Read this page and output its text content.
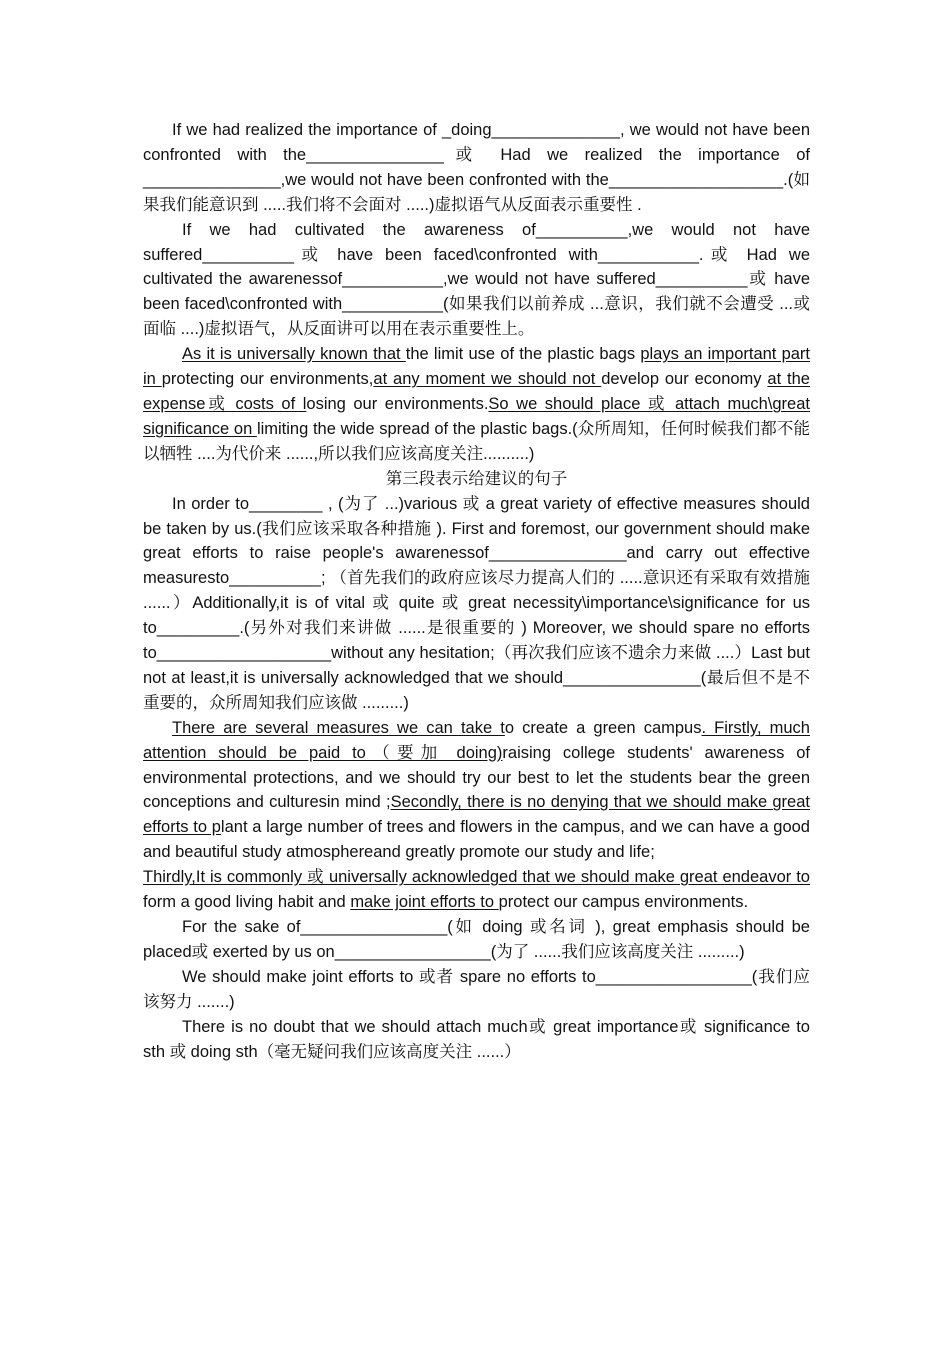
If we had realized the importance of _doing______________, we would not have been confronted with the_______________或 Had we realized the importance of _______________,we would not have been confronted with the___________________.(如果我们能意识到 .....我们将不会面对 .....)虚拟语气从反面表示重要性 .

If we had cultivated the awareness of__________,we would not have suffered__________或 have been faced\confronted with___________.或 Had we cultivated the awarenessof___________,we would not have suffered__________或 have been faced\confronted with___________(如果我们以前养成 ...意识，我们就不会遭受 ...或面临 ....)虚拟语气，从反面讲可以用在表示重要性上。

As it is universally known that the limit use of the plastic bags plays an important part in protecting our environments,at any moment we should not develop our economy at the expense或 costs of losing our environments.So we should place 或 attach much\great significance on limiting the wide spread of the plastic bags.(众所周知，任何时候我们都不能以牺牲 ....为代价来 ......,所以我们应该高度关注..........)

第三段表示给建议的句子

In order to________ , (为了 ...)various 或 a great variety of effective measures should be taken by us.(我们应该采取各种措施 ). First and foremost, our government should make great efforts to raise people's awarenessof_______________and carry out effective measuresto__________; （首先我们的政府应该尽力提高人们的 .....意识还有采取有效措施 ......）Additionally,it is of vital 或 quite 或 great necessity\importance\significance for us to_________.(另外对我们来讲做 ......是很重要的 ) Moreover, we should spare no efforts to___________________without any hesitation;（再次我们应该不遗余力来做 ....）Last but not at least,it is universally acknowledged that we should_______________(最后但不是不重要的，众所周知我们应该做 .........)

There are several measures we can take to create a green campus. Firstly, much attention should be paid to（要加 doing)raising college students' awareness of environmental protections, and we should try our best to let the students bear the green conceptions and culturesin mind ;Secondly, there is no denying that we should make great efforts to plant a large number of trees and flowers in the campus, and we can have a good and beautiful study atmosphereand greatly promote our study and life;

Thirdly,It is commonly 或 universally acknowledged that we should make great endeavor to form a good living habit and make joint efforts to protect our campus environments.

For the sake of________________(如 doing 或名词 ), great emphasis should be placed或 exerted by us on_________________(为了 ......我们应该高度关注 .........)

We should make joint efforts to 或者 spare no efforts to_________________(我们应该努力 .......)

There is no doubt that we should attach much或 great importance或 significance to sth 或 doing sth（毫无疑问我们应该高度关注 ......）
